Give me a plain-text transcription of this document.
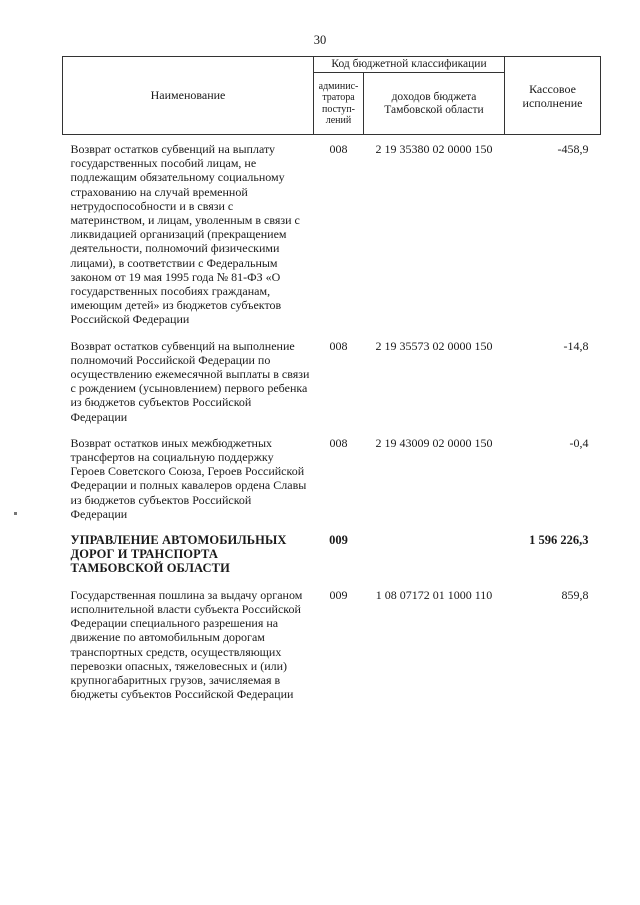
30
Наименование	Код бюджетной классификации		Кассовое исполнение
	админис-тратора поступ-лений	доходов бюджета Тамбовской области	
Возврат остатков субвенций на выплату государственных пособий лицам, не подлежащим обязательному социальному страхованию на случай временной нетрудоспособности и в связи с материнством, и лицам, уволенным в связи с ликвидацией организаций (прекращением деятельности, полномочий физическими лицами), в соответствии с Федеральным законом от 19 мая 1995 года № 81-ФЗ «О государственных пособиях гражданам, имеющим детей» из бюджетов субъектов Российской Федерации	008	2 19 35380 02 0000 150	-458,9
Возврат остатков субвенций на выполнение полномочий Российской Федерации по осуществлению ежемесячной выплаты в связи с рождением (усыновлением) первого ребенка из бюджетов субъектов Российской Федерации	008	2 19 35573 02 0000 150	-14,8
Возврат остатков иных межбюджетных трансфертов на социальную поддержку Героев Советского Союза, Героев Российской Федерации и полных кавалеров ордена Славы из бюджетов субъектов Российской Федерации	008	2 19 43009 02 0000 150	-0,4
УПРАВЛЕНИЕ АВТОМОБИЛЬНЫХ ДОРОГ И ТРАНСПОРТА ТАМБОВСКОЙ ОБЛАСТИ	009		1 596 226,3
Государственная пошлина за выдачу органом исполнительной власти субъекта Российской Федерации специального разрешения на движение по автомобильным дорогам транспортных средств, осуществляющих перевозки опасных, тяжеловесных и (или) крупногабаритных грузов, зачисляемая в бюджеты субъектов Российской Федерации	009	1 08 07172 01 1000 110	859,8
